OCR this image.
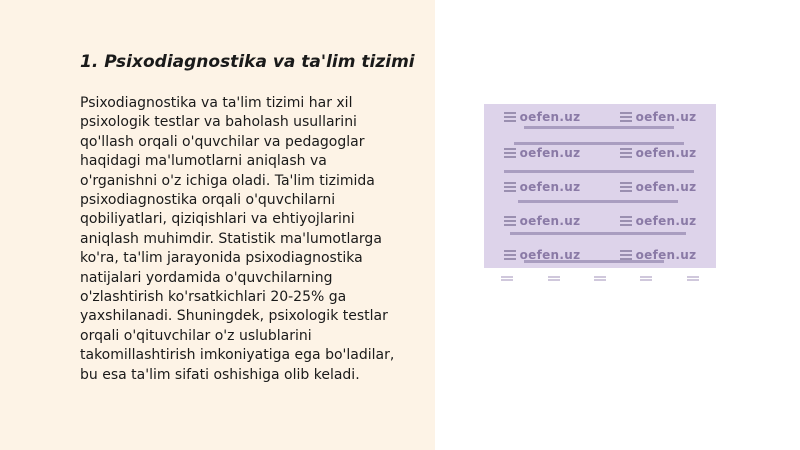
1. Psixodiagnostika va ta'lim tizimi

Psixodiagnostika va ta'lim tizimi har xil
psixologik testlar va baholash usullarini
qo'llash orqali o'quvchilar va pedagoglar
haqidagi ma'lumotlarni aniqlash va
o'rganishni o'z ichiga oladi. Ta'lim tizimida
psixodiagnostika orqali o'quvchilarni
qobiliyatlari, qiziqishlari va ehtiyojlarini
aniqlash muhimdir. Statistik ma'lumotlarga
ko'ra, ta'lim jarayonida psixodiagnostika
natijalari yordamida o'quvchilarning
o'zlashtirish ko'rsatkichlari 20-25% ga
yaxshilanadi. Shuningdek, psixologik testlar
orqali o'qituvchilar o'z uslublarini
takomillashtirish imkoniyatiga ega bo'ladilar,
bu esa ta'lim sifati oshishiga olib keladi.

oefen.uz	oefen.uz
oefen.uz	oefen.uz
oefen.uz	oefen.uz
oefen.uz	oefen.uz
oefen.uz	oefen.uz
